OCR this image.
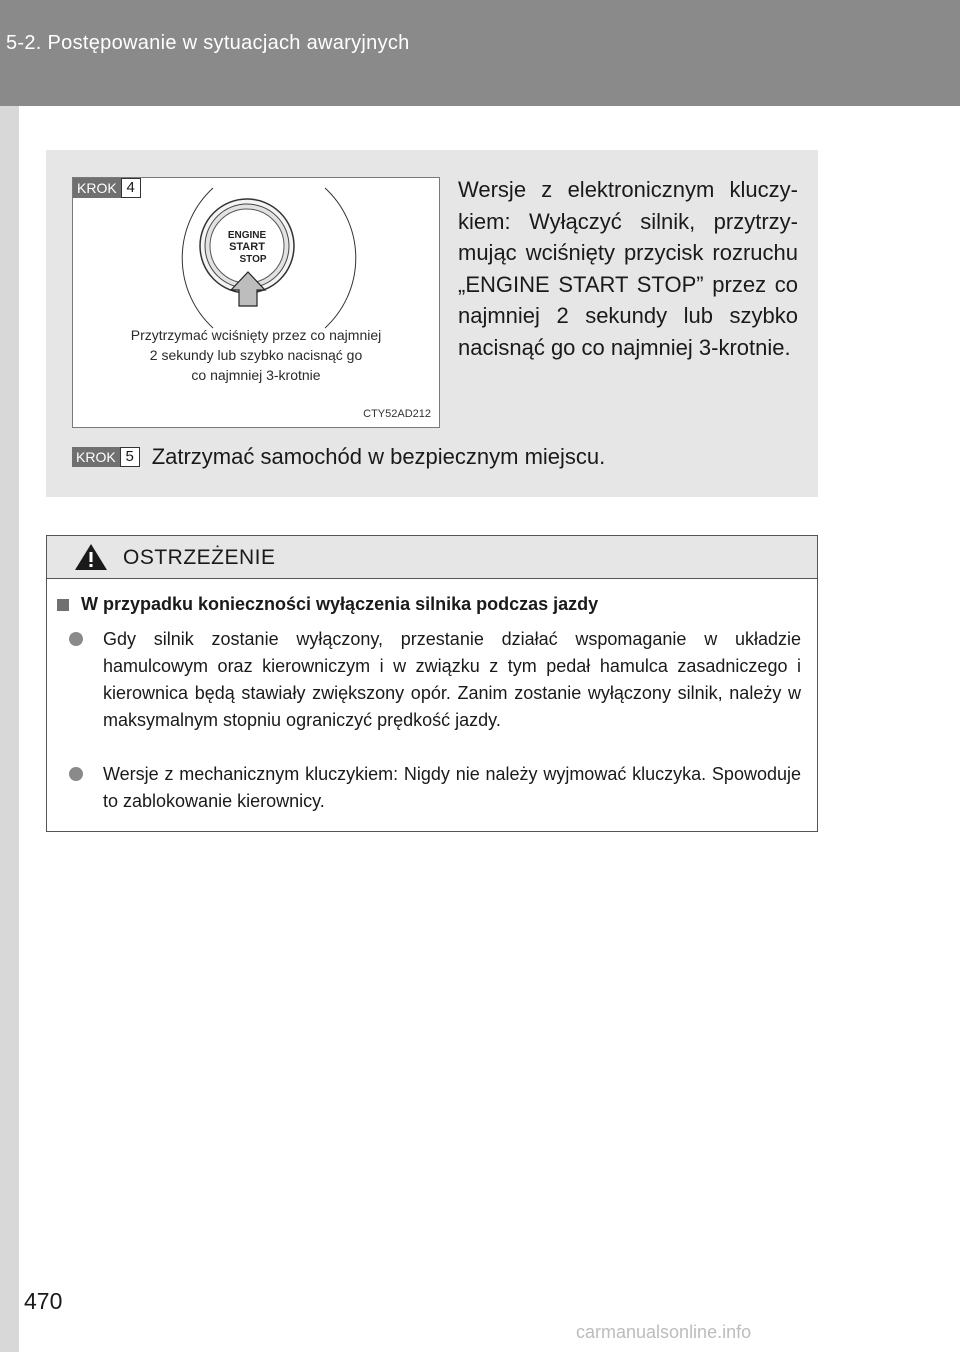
5-2. Postępowanie w sytuacjach awaryjnych
ENGINE
START
STOP
KROK 4
Przytrzymać wciśnięty przez co najmniej
2 sekundy lub szybko nacisnąć go
co najmniej 3-krotnie
CTY52AD212
Wersje z elektronicznym kluczykiem: Wyłączyć silnik, przytrzymując wciśnięty przycisk rozruchu „ENGINE START STOP” przez co najmniej 2 sekundy lub szybko nacisnąć go co najmniej 3-krotnie.
KROK 5 Zatrzymać samochód w bezpiecznym miejscu.
OSTRZEŻENIE
W przypadku konieczności wyłączenia silnika podczas jazdy
Gdy silnik zostanie wyłączony, przestanie działać wspomaganie w układzie hamulcowym oraz kierowniczym i w związku z tym pedał hamulca zasadniczego i kierownica będą stawiały zwiększony opór. Zanim zostanie wyłączony silnik, należy w maksymalnym stopniu ograniczyć prędkość jazdy.
Wersje z mechanicznym kluczykiem: Nigdy nie należy wyjmować kluczyka. Spowoduje to zablokowanie kierownicy.
470
carmanualsonline.info
